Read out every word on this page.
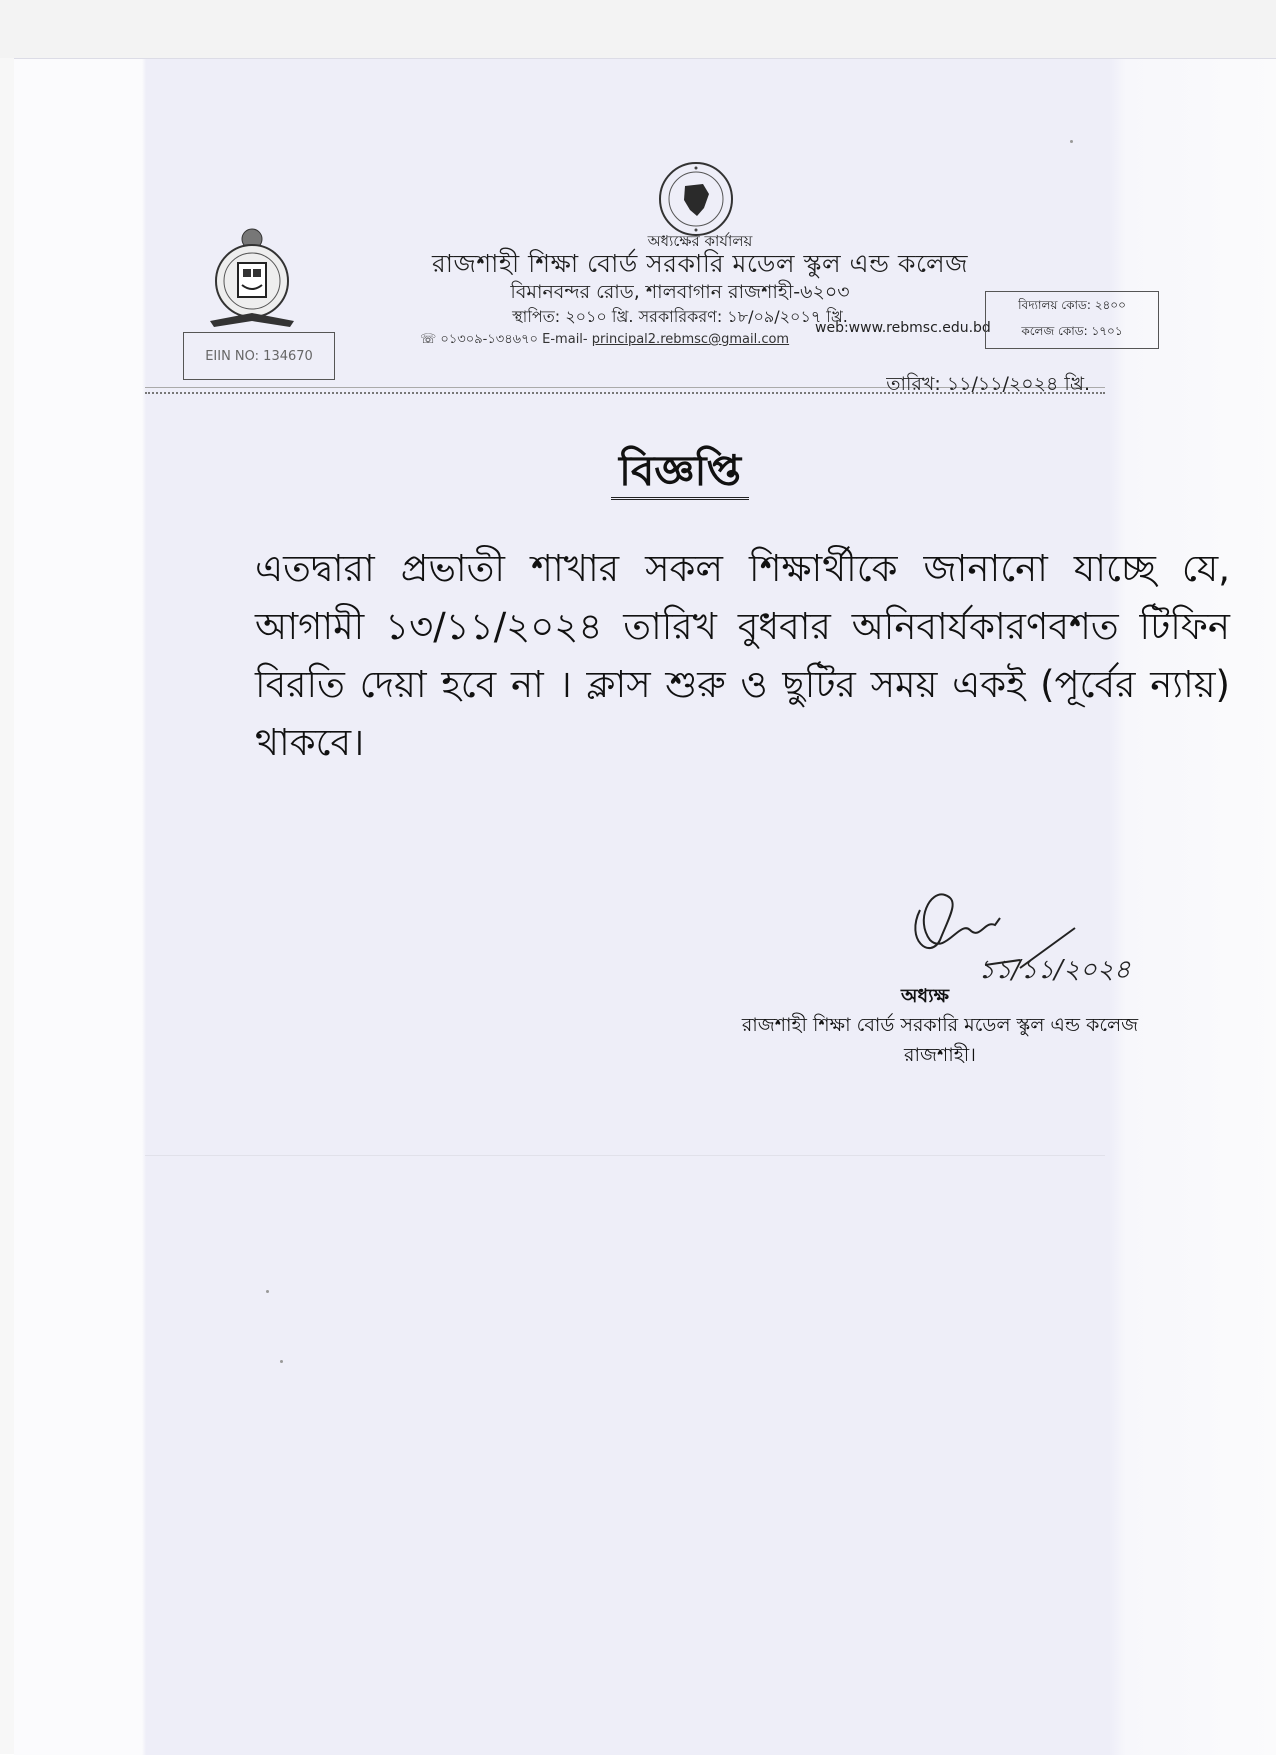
অধ্যক্ষের কার্যালয়
রাজশাহী শিক্ষা বোর্ড সরকারি মডেল স্কুল এন্ড কলেজ
বিমানবন্দর রোড, শালবাগান রাজশাহী-৬২০৩
স্থাপিত: ২০১০ খ্রি. সরকারিকরণ: ১৮/০৯/২০১৭ খ্রি.
☏ ০১৩০৯-১৩৪৬৭০ E-mail- principal2.rebmsc@gmail.com
web:www.rebmsc.edu.bd
EIIN NO: 134670
বিদ্যালয় কোড: ২৪০০
কলেজ কোড: ১৭০১
তারিখ: ১১/১১/২০২৪ খ্রি.
বিজ্ঞপ্তি
এতদ্বারা প্রভাতী শাখার সকল শিক্ষার্থীকে জানানো যাচ্ছে যে, আগামী ১৩/১১/২০২৪ তারিখ বুধবার অনিবার্যকারণবশত টিফিন বিরতি দেয়া হবে না । ক্লাস শুরু ও ছুটির সময় একই (পূর্বের ন্যায়) থাকবে।
১১/১১/২০২৪
অধ্যক্ষ
রাজশাহী শিক্ষা বোর্ড সরকারি মডেল স্কুল এন্ড কলেজ
রাজশাহী।
